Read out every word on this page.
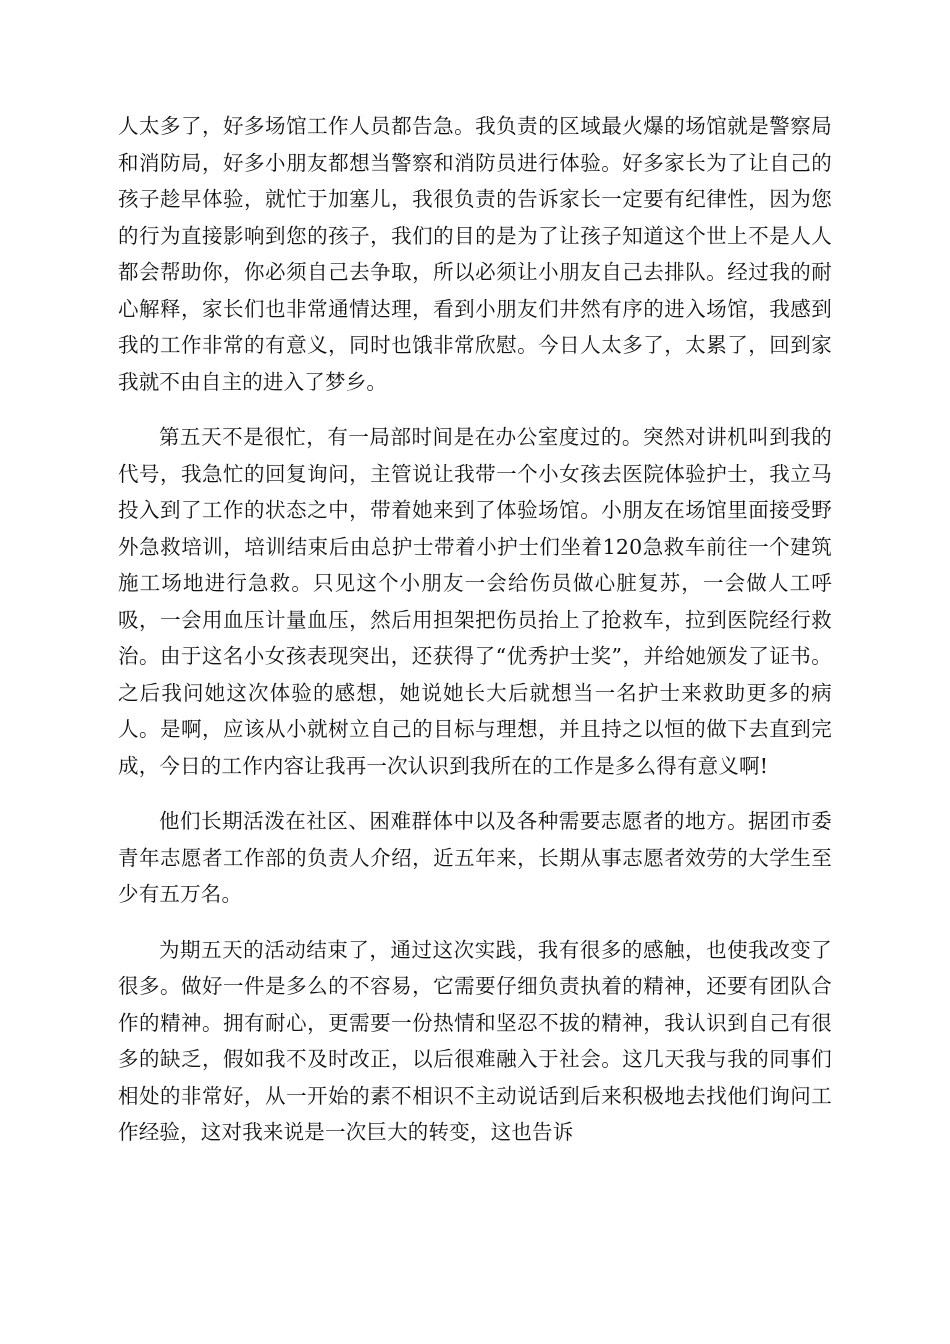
人太多了，好多场馆工作人员都告急。我负责的区域最火爆的场馆就是警察局和消防局，好多小朋友都想当警察和消防员进行体验。好多家长为了让自己的孩子趁早体验，就忙于加塞儿，我很负责的告诉家长一定要有纪律性，因为您的行为直接影响到您的孩子，我们的目的是为了让孩子知道这个世上不是人人都会帮助你，你必须自己去争取，所以必须让小朋友自己去排队。经过我的耐心解释，家长们也非常通情达理，看到小朋友们井然有序的进入场馆，我感到我的工作非常的有意义，同时也饿非常欣慰。今日人太多了，太累了，回到家我就不由自主的进入了梦乡。

第五天不是很忙，有一局部时间是在办公室度过的。突然对讲机叫到我的代号，我急忙的回复询问，主管说让我带一个小女孩去医院体验护士，我立马投入到了工作的状态之中，带着她来到了体验场馆。小朋友在场馆里面接受野外急救培训，培训结束后由总护士带着小护士们坐着120急救车前往一个建筑施工场地进行急救。只见这个小朋友一会给伤员做心脏复苏，一会做人工呼吸，一会用血压计量血压，然后用担架把伤员抬上了抢救车，拉到医院经行救治。由于这名小女孩表现突出，还获得了“优秀护士奖”，并给她颁发了证书。之后我问她这次体验的感想，她说她长大后就想当一名护士来救助更多的病人。是啊，应该从小就树立自己的目标与理想，并且持之以恒的做下去直到完成，今日的工作内容让我再一次认识到我所在的工作是多么得有意义啊!

他们长期活泼在社区、困难群体中以及各种需要志愿者的地方。据团市委青年志愿者工作部的负责人介绍，近五年来，长期从事志愿者效劳的大学生至少有五万名。

为期五天的活动结束了，通过这次实践，我有很多的感触，也使我改变了很多。做好一件是多么的不容易，它需要仔细负责执着的精神，还要有团队合作的精神。拥有耐心，更需要一份热情和坚忍不拔的精神，我认识到自己有很多的缺乏，假如我不及时改正，以后很难融入于社会。这几天我与我的同事们相处的非常好，从一开始的素不相识不主动说话到后来积极地去找他们询问工作经验，这对我来说是一次巨大的转变，这也告诉
